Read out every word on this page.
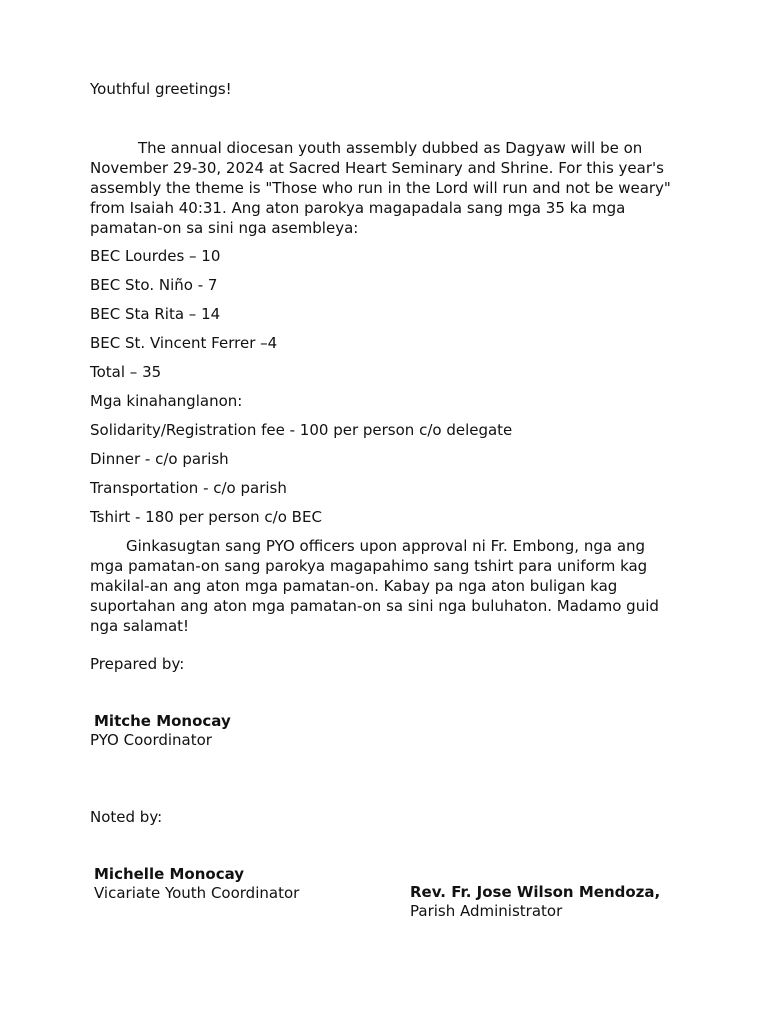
Youthful greetings!

The annual diocesan youth assembly dubbed as Dagyaw will be on November 29-30, 2024 at Sacred Heart Seminary and Shrine. For this year's assembly the theme is "Those who run in the Lord will run and not be weary" from Isaiah 40:31. Ang aton parokya magapadala sang mga 35 ka mga pamatan-on sa sini nga asembleya:

BEC Lourdes – 10

BEC Sto. Niño - 7

BEC Sta Rita – 14

BEC St. Vincent Ferrer –4

Total – 35

Mga kinahanglanon:

Solidarity/Registration fee - 100 per person c/o delegate

Dinner - c/o parish

Transportation - c/o parish

Tshirt - 180 per person c/o BEC

Ginkasugtan sang PYO officers upon approval ni Fr. Embong, nga ang mga pamatan-on sang parokya magapahimo sang tshirt para uniform kag makilal-an ang aton mga pamatan-on. Kabay pa nga aton buligan kag suportahan ang aton mga pamatan-on sa sini nga buluhaton. Madamo guid nga salamat!

Prepared by:

Mitche Monocay

PYO Coordinator

Noted by:

Michelle Monocay

Vicariate Youth Coordinator	Rev. Fr. Jose Wilson Mendoza,

Parish Administrator
